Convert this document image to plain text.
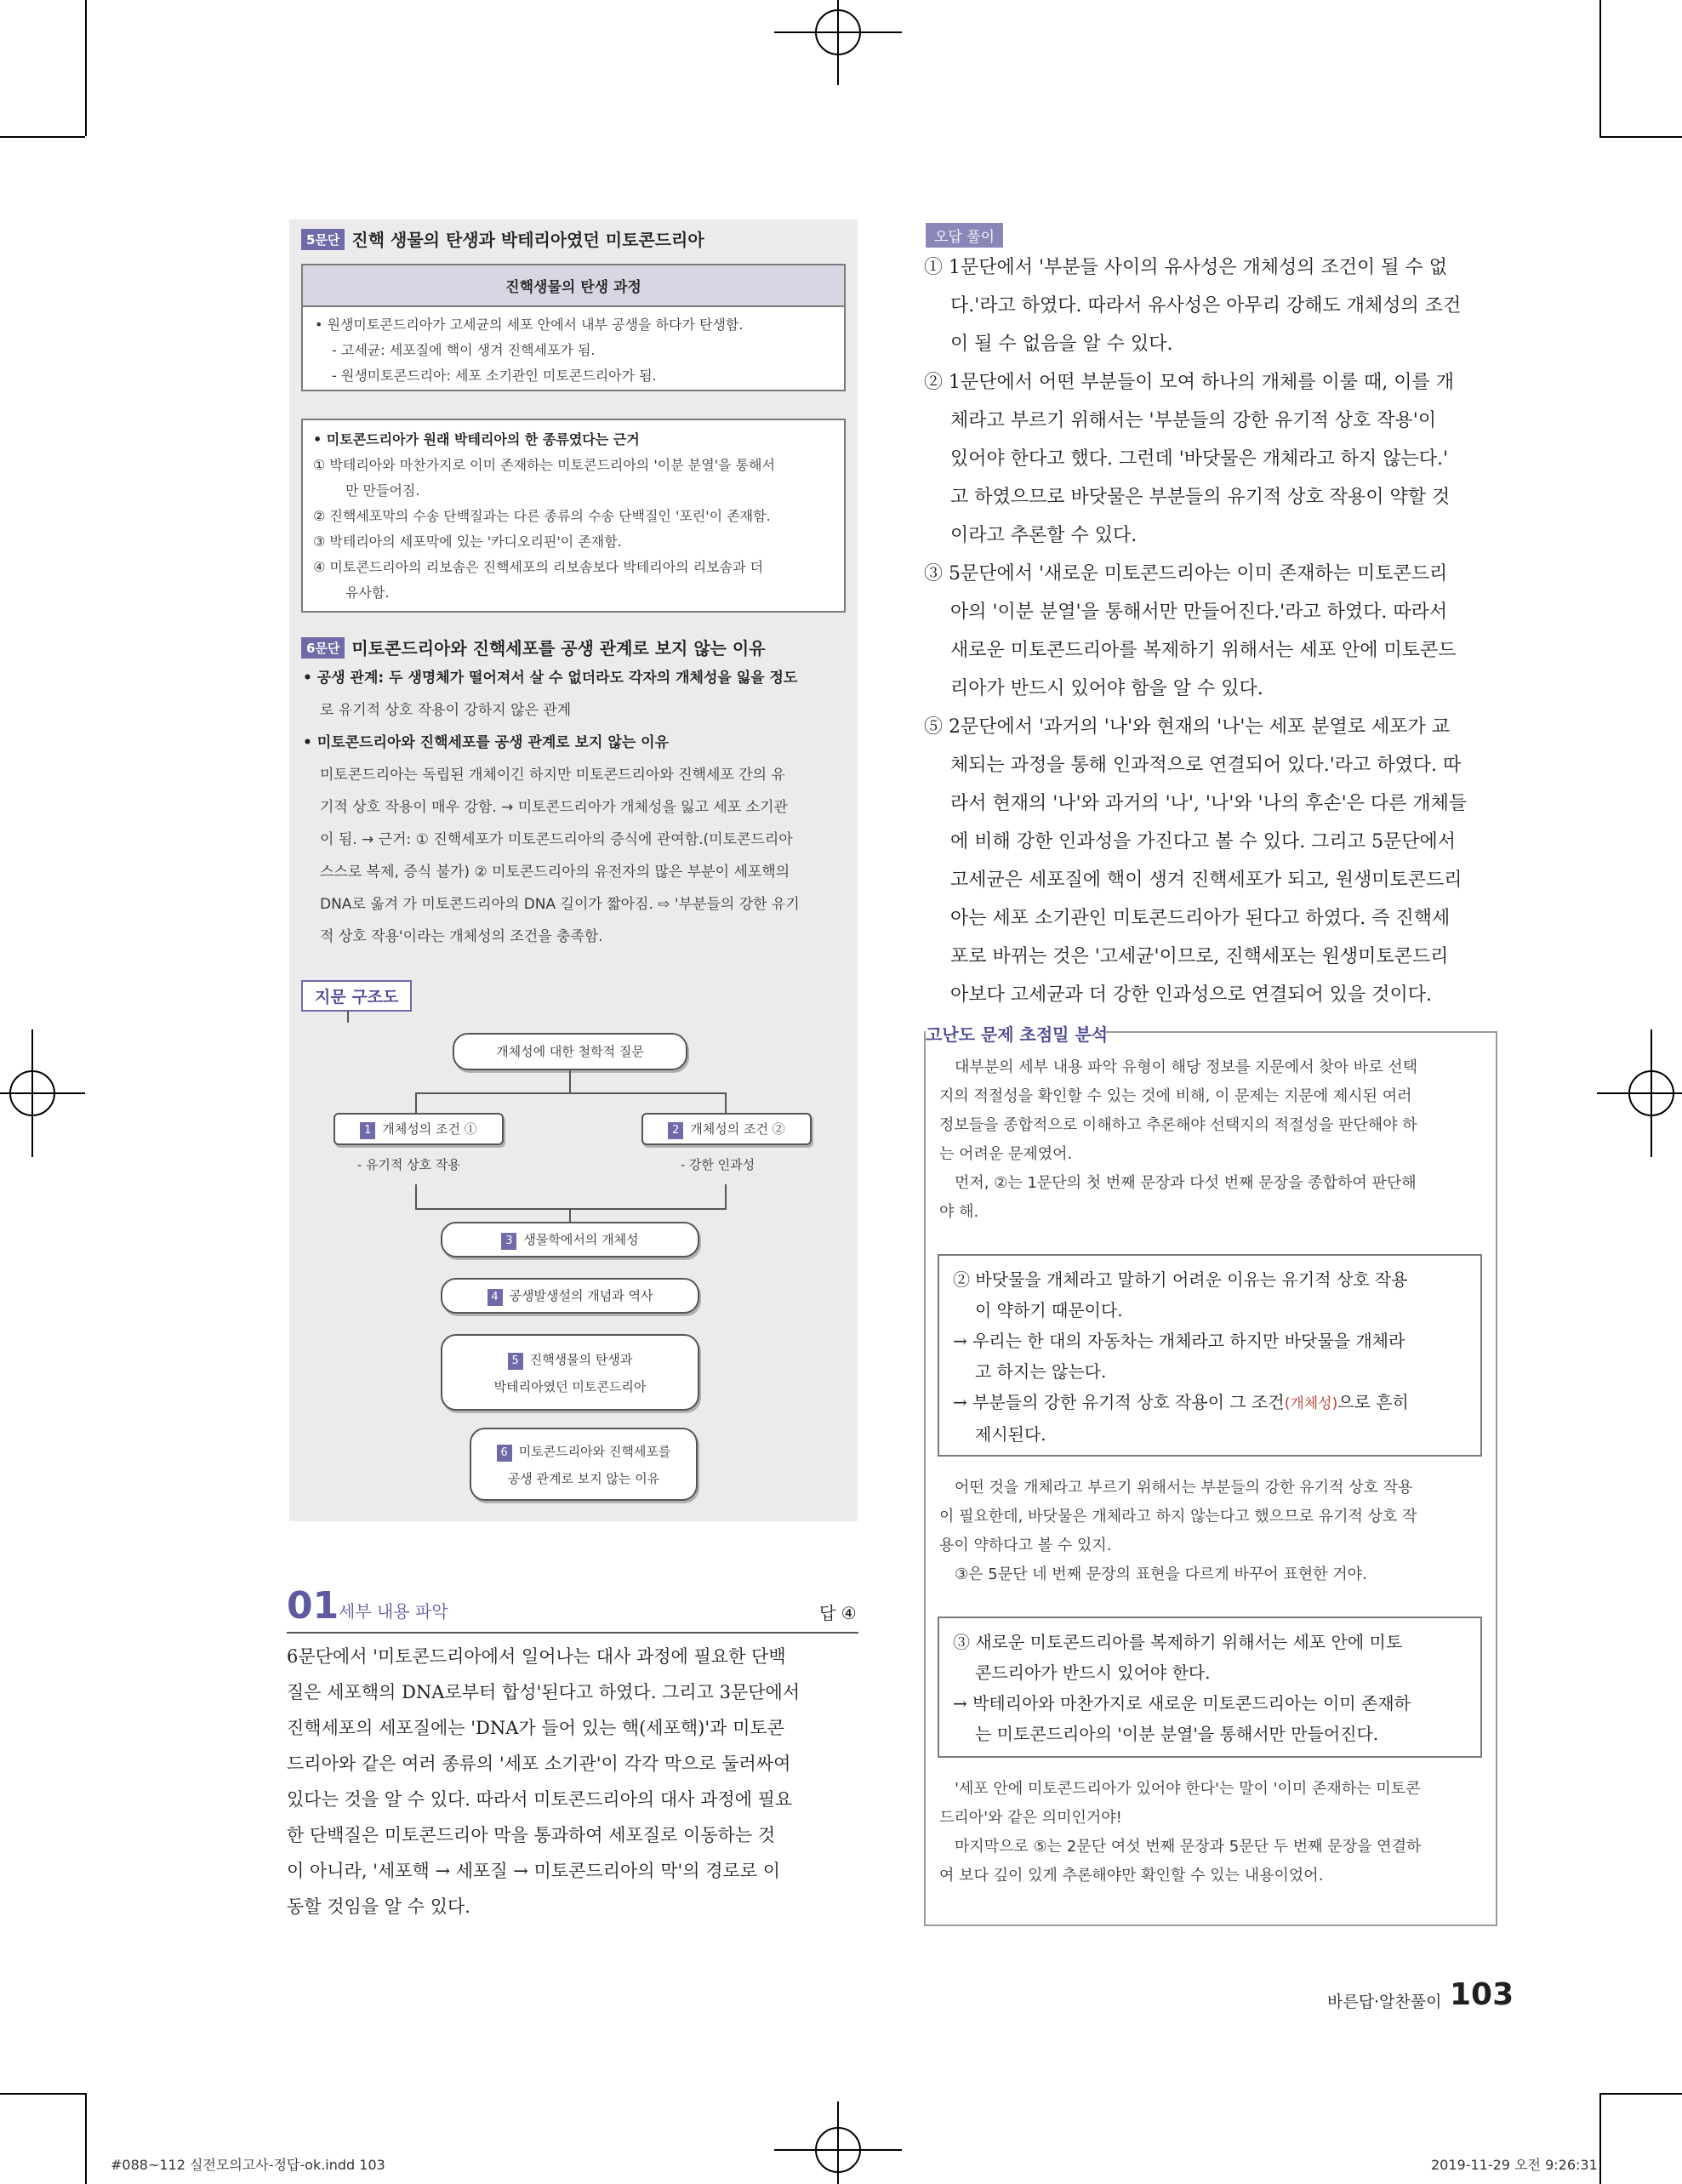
5문단 진핵 생물의 탄생과 박테리아였던 미토콘드리아
진핵생물의 탄생 과정

• 원생미토콘드리아가 고세균의 세포 안에서 내부 공생을 하다가 탄생함.

- 고세균: 세포질에 핵이 생겨 진핵세포가 됨.

- 원생미토콘드리아: 세포 소기관인 미토콘드리아가 됨.

• 미토콘드리아가 원래 박테리아의 한 종류였다는 근거

① 박테리아와 마찬가지로 이미 존재하는 미토콘드리아의 '이분 분열'을 통해서

만 만들어짐.

② 진핵세포막의 수송 단백질과는 다른 종류의 수송 단백질인 '포린'이 존재함.

③ 박테리아의 세포막에 있는 '카디오리핀'이 존재함.

④ 미토콘드리아의 리보솜은 진핵세포의 리보솜보다 박테리아의 리보솜과 더

유사함.

6문단 미토콘드리아와 진핵세포를 공생 관계로 보지 않는 이유

• 공생 관계: 두 생명체가 떨어져서 살 수 없더라도 각자의 개체성을 잃을 정도

로 유기적 상호 작용이 강하지 않은 관계

• 미토콘드리아와 진핵세포를 공생 관계로 보지 않는 이유

미토콘드리아는 독립된 개체이긴 하지만 미토콘드리아와 진핵세포 간의 유

기적 상호 작용이 매우 강함. → 미토콘드리아가 개체성을 잃고 세포 소기관

이 됨. → 근거: ① 진핵세포가 미토콘드리아의 증식에 관여함.(미토콘드리아

스스로 복제, 증식 불가) ② 미토콘드리아의 유전자의 많은 부분이 세포핵의

DNA로 옮겨 가 미토콘드리아의 DNA 길이가 짧아짐. ⇨ '부분들의 강한 유기

적 상호 작용'이라는 개체성의 조건을 충족함.

지문 구조도
개체성에 대한 철학적 질문
1 개체성의 조건 ①
- 유기적 상호 작용
2 개체성의 조건 ②
- 강한 인과성
3 생물학에서의 개체성
4 공생발생설의 개념과 역사
5 진핵생물의 탄생과
박테리아였던 미토콘드리아
6 미토콘드리아와 진핵세포를
공생 관계로 보지 않는 이유
01 세부 내용 파악	답 ④

6문단에서 '미토콘드리아에서 일어나는 대사 과정에 필요한 단백

질은 세포핵의 DNA로부터 합성'된다고 하였다. 그리고 3문단에서

진핵세포의 세포질에는 'DNA가 들어 있는 핵(세포핵)'과 미토콘

드리아와 같은 여러 종류의 '세포 소기관'이 각각 막으로 둘러싸여

있다는 것을 알 수 있다. 따라서 미토콘드리아의 대사 과정에 필요

한 단백질은 미토콘드리아 막을 통과하여 세포질로 이동하는 것

이 아니라, '세포핵 → 세포질 → 미토콘드리아의 막'의 경로로 이

동할 것임을 알 수 있다.

오답 풀이

① 1문단에서 '부분들 사이의 유사성은 개체성의 조건이 될 수 없

다.'라고 하였다. 따라서 유사성은 아무리 강해도 개체성의 조건

이 될 수 없음을 알 수 있다.

② 1문단에서 어떤 부분들이 모여 하나의 개체를 이룰 때, 이를 개

체라고 부르기 위해서는 '부분들의 강한 유기적 상호 작용'이

있어야 한다고 했다. 그런데 '바닷물은 개체라고 하지 않는다.'

고 하였으므로 바닷물은 부분들의 유기적 상호 작용이 약할 것

이라고 추론할 수 있다.

③ 5문단에서 '새로운 미토콘드리아는 이미 존재하는 미토콘드리

아의 '이분 분열'을 통해서만 만들어진다.'라고 하였다. 따라서

새로운 미토콘드리아를 복제하기 위해서는 세포 안에 미토콘드

리아가 반드시 있어야 함을 알 수 있다.

⑤ 2문단에서 '과거의 '나'와 현재의 '나'는 세포 분열로 세포가 교

체되는 과정을 통해 인과적으로 연결되어 있다.'라고 하였다. 따

라서 현재의 '나'와 과거의 '나', '나'와 '나의 후손'은 다른 개체들

에 비해 강한 인과성을 가진다고 볼 수 있다. 그리고 5문단에서

고세균은 세포질에 핵이 생겨 진핵세포가 되고, 원생미토콘드리

아는 세포 소기관인 미토콘드리아가 된다고 하였다. 즉 진핵세

포로 바뀌는 것은 '고세균'이므로, 진핵세포는 원생미토콘드리

아보다 고세균과 더 강한 인과성으로 연결되어 있을 것이다.

고난도 문제 초점밀 분석

대부분의 세부 내용 파악 유형이 해당 정보를 지문에서 찾아 바로 선택

지의 적절성을 확인할 수 있는 것에 비해, 이 문제는 지문에 제시된 여러

정보들을 종합적으로 이해하고 추론해야 선택지의 적절성을 판단해야 하

는 어려운 문제였어.

먼저, ②는 1문단의 첫 번째 문장과 다섯 번째 문장을 종합하여 판단해

야 해.

② 바닷물을 개체라고 말하기 어려운 이유는 유기적 상호 작용

이 약하기 때문이다.

→ 우리는 한 대의 자동차는 개체라고 하지만 바닷물을 개체라

고 하지는 않는다.

→ 부분들의 강한 유기적 상호 작용이 그 조건(개체성)으로 흔히

제시된다.

어떤 것을 개체라고 부르기 위해서는 부분들의 강한 유기적 상호 작용

이 필요한데, 바닷물은 개체라고 하지 않는다고 했으므로 유기적 상호 작

용이 약하다고 볼 수 있지.

③은 5문단 네 번째 문장의 표현을 다르게 바꾸어 표현한 거야.

③ 새로운 미토콘드리아를 복제하기 위해서는 세포 안에 미토

콘드리아가 반드시 있어야 한다.

→ 박테리아와 마찬가지로 새로운 미토콘드리아는 이미 존재하

는 미토콘드리아의 '이분 분열'을 통해서만 만들어진다.

'세포 안에 미토콘드리아가 있어야 한다'는 말이 '이미 존재하는 미토콘

드리아'와 같은 의미인거야!

마지막으로 ⑤는 2문단 여섯 번째 문장과 5문단 두 번째 문장을 연결하

여 보다 깊이 있게 추론해야만 확인할 수 있는 내용이었어.

바른답·알찬풀이 103
#088~112 실전모의고사-정답-ok.indd 103	2019-11-29 오전 9:26:31
